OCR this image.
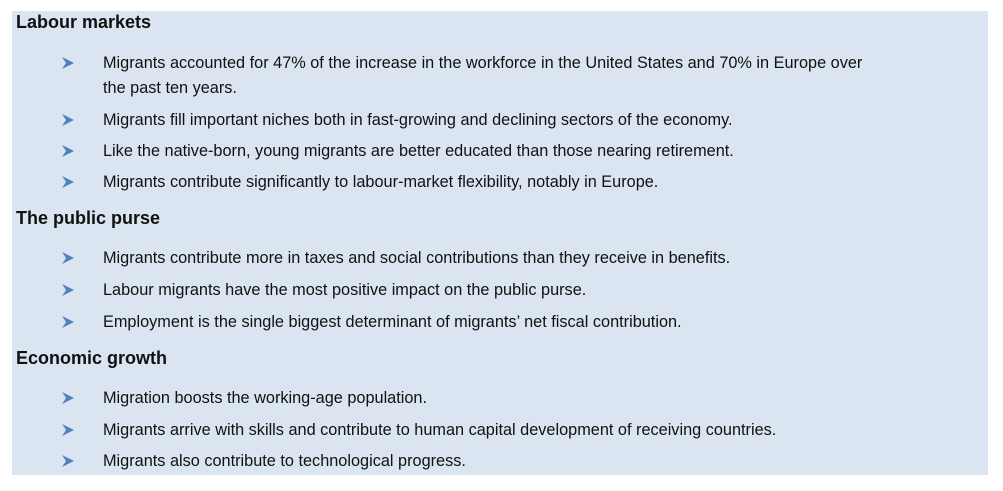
Labour markets
Migrants accounted for 47% of the increase in the workforce in the United States and 70% in Europe over
the past ten years.
Migrants fill important niches both in fast-growing and declining sectors of the economy.
Like the native-born, young migrants are better educated than those nearing retirement.
Migrants contribute significantly to labour-market flexibility, notably in Europe.
The public purse
Migrants contribute more in taxes and social contributions than they receive in benefits.
Labour migrants have the most positive impact on the public purse.
Employment is the single biggest determinant of migrants’ net fiscal contribution.
Economic growth
Migration boosts the working-age population.
Migrants arrive with skills and contribute to human capital development of receiving countries.
Migrants also contribute to technological progress.
